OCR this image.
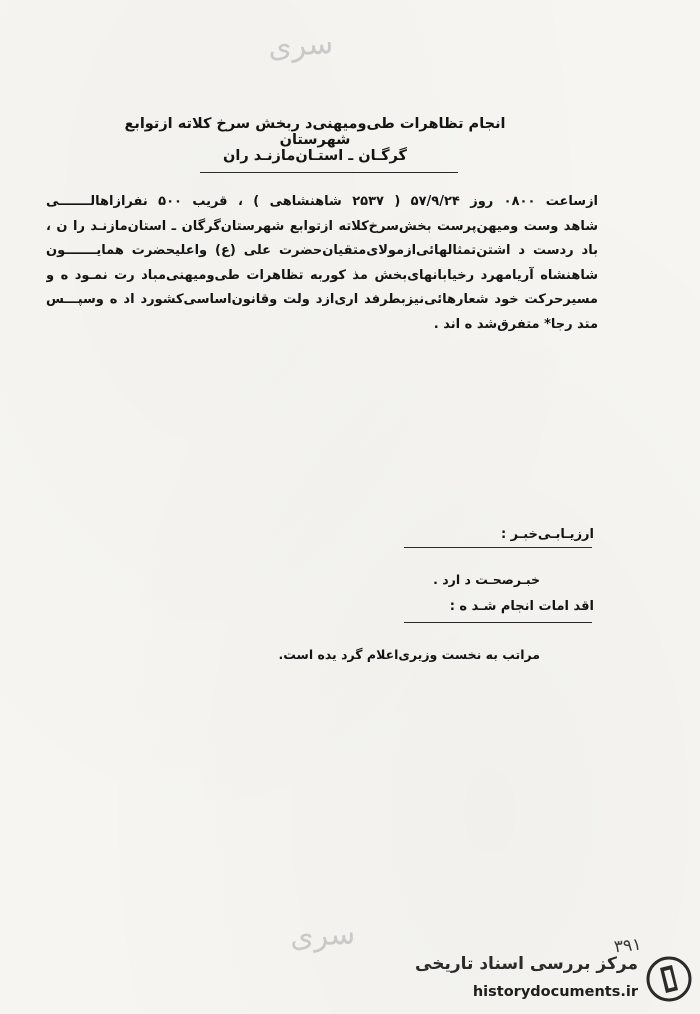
سری
انجام تظاهرات طی‌ومیهنی‌د ربخش سرخ کلاته ازتوابع شهرستان
گرگـان ـ استـان‌مازنـد ران
ازساعت ۰۸۰۰ روز ۵۷/۹/۲۴ ( ۲۵۳۷ شاهنشاهی ) ، قریب ۵۰۰ نفرازاهالـــــــی
شاهد وست ومیهن‌پرست بخش‌سرخ‌کلاته ازتوابع شهرستان‌گرگان ـ استان‌مازنـد را ن ،
باد ردست د اشتن‌تمثالهائی‌ازمولای‌متقیان‌حضرت علی (ع) واعلیحضرت همایـــــــون
شاهنشاه آریامهرد رخیابانهای‌بخش مذ کوربه تظاهرات طی‌ومیهنی‌مباد رت نمـود ه و
مسیرحرکت خود شعارهائی‌نیزبطرفد اری‌ازد ولت وقانون‌اساسی‌کشورد اد ه وسپـــس
متد رجا* متفرق‌شد ه اند .
ارزیـابـی‌خبـر :
خبـرصحـت د ارد .
اقد امات انجام شـد ه :
مراتب به نخست وزیری‌اعلام گرد یده است.
سری	۳۹۱
مرکز بررسی اسناد تاریخی
historydocuments.ir
